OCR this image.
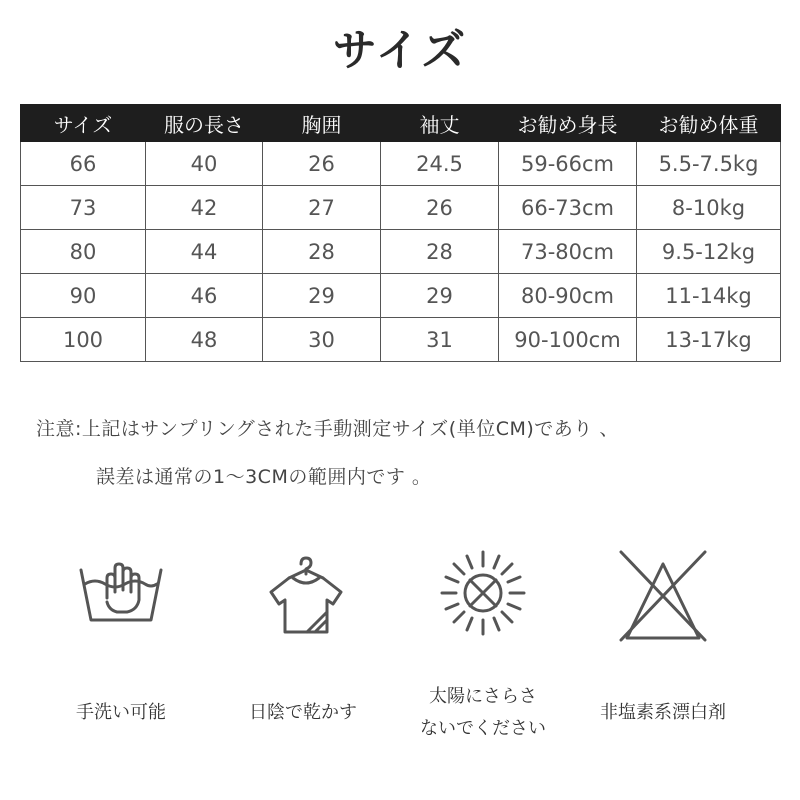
サイズ
サイズ	服の長さ	胸囲	袖丈	お勧め身長	お勧め体重
66	40	26	24.5	59-66cm	5.5-7.5kg
73	42	27	26	66-73cm	8-10kg
80	44	28	28	73-80cm	9.5-12kg
90	46	29	29	80-90cm	11-14kg
100	48	30	31	90-100cm	13-17kg
注意:上記はサンプリングされた手動測定サイズ(単位CM)であり 、
誤差は通常の1～3CMの範囲内です 。
手洗い可能	日陰で乾かす
太陽にさらさ
ないでください
非塩素系漂白剤
